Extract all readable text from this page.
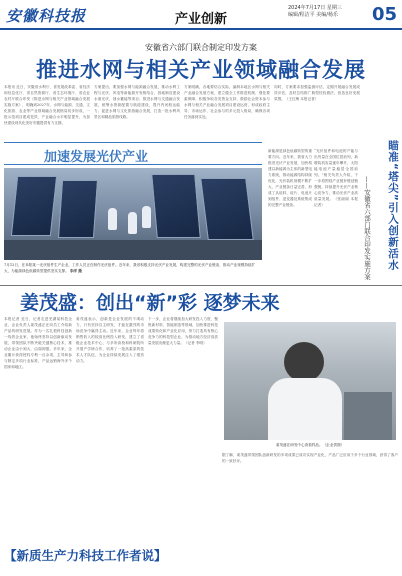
安徽科技报	产业创新
2024年7月17日 星期三
编辑/程洁平 美编/杨乐 05
安徽省六部门联合制定印发方案
推进水网与相关产业领域融合发展
本报讯 近日，安徽省水利厅、省发展改革委、省经济和信息化厅、省自然资源厅、省生态环境厅、省农业农村厅联合印发《推进水网与相关产业领域融合发展实施方案》，明确到2027年，水网与能源、交通、文化旅游、农业等产业领域融合发展格局初步形成，一批示范项目建成见效，产业融合水平明显提升，为加快建设现代化美好安徽提供有力支撑。
方案提出，要加强水网与能源融合发展，推动水利工程与光伏、风电等新能源开发相结合，因地制宜建设水面光伏、抽水蓄能等项目；推进水网与交通融合发展，统筹水资源配置与航道建设，提升内河航运能力；促进水网与文化旅游融合发展，打造一批水利风景区和精品旅游线路。
方案明确，各地要结合实际，编制本地区水网与相关产业融合发展方案，建立健全工作推进机制，强化要素保障，积极争取各类资金支持，鼓励社会资本参与水网与相关产业融合发展项目建设运营，形成政府主导、市场运作、社会参与的多元投入格局，确保各项任务落到实处。
同时，方案要求加强监测评估，定期开展融合发展成效评估，及时总结推广典型经验做法，营造良好发展氛围。（王红梅 本报记者）
加速发展光伏产业	新能源是绿色低碳转型的重要方向。近年来，我省大力推进光伏产业发展，加快构建以新能源为主体的新型电力系统，推动能源结构持续优化，光伏装机规模不断扩大，产业链条日益完善，形成了从硅料、硅片、电池片到组件、逆变器及系统集成的完整产业链条。
“光伏组件和电池的产能与出货量在全国位居前列，新增装机容量逐年攀升，太阳能电池产量稳居全国前列。”相关负责人介绍，下一步将围绕产业链补链延链强链，持续提升光伏产业核心竞争力，推动光伏产业高质量发展。（张丽丽 本报记者）
7月12日，在阜阳某一光伏组件生产企业，工作人员正在制作光伏组件。近年来，我省积极支持光伏产业发展，构建完整的光伏产业链条，推动产业规模持续扩大，为能源绿色低碳转型提供坚实支撑。 李洋 摄
瞄准“塔尖”引入创新活水
——安徽省六部门联合印发实施方案
姜茂盛：创出“新”彩 逐梦未来
本报记者 近日，记者走进芜湖某科技企业，企业负责人姜茂盛正在向员工介绍新产品的研发进展。作为一名扎根科技创新一线的企业家，他始终坚持以创新驱动发展，带领团队不断突破关键核心技术，推动企业由小到大、由弱到强。多年来，企业累计获得授权专利一百余项，主导和参与制定多项行业标准，产品远销海外多个国家和地区。
姜茂盛表示，创新是企业发展的不竭动力，只有坚持自主研发，才能在激烈的市场竞争中赢得主动。近年来，企业每年将销售收入的较高比例投入研发，建立了省级企业技术中心，与多所高校和科研院所开展产学研合作，培养了一批高素质的技术人才队伍，为企业持续发展注入了强劲动力。
下一步，企业将继续加大研发投入力度，聚焦新材料、智能制造等领域，加快推进科技成果转化和产业化应用，努力打造具有核心竞争力的科技型企业，为推动地方经济高质量发展贡献更大力量。（记者 李明）
姜茂盛在研发中心查看样品。（企业供图）
据了解，姜茂盛带领团队创新研发的多项成果已成功实现产业化，产品广泛应用于多个行业领域，获得了客户的一致好评。
【新质生产力科技工作者说】
